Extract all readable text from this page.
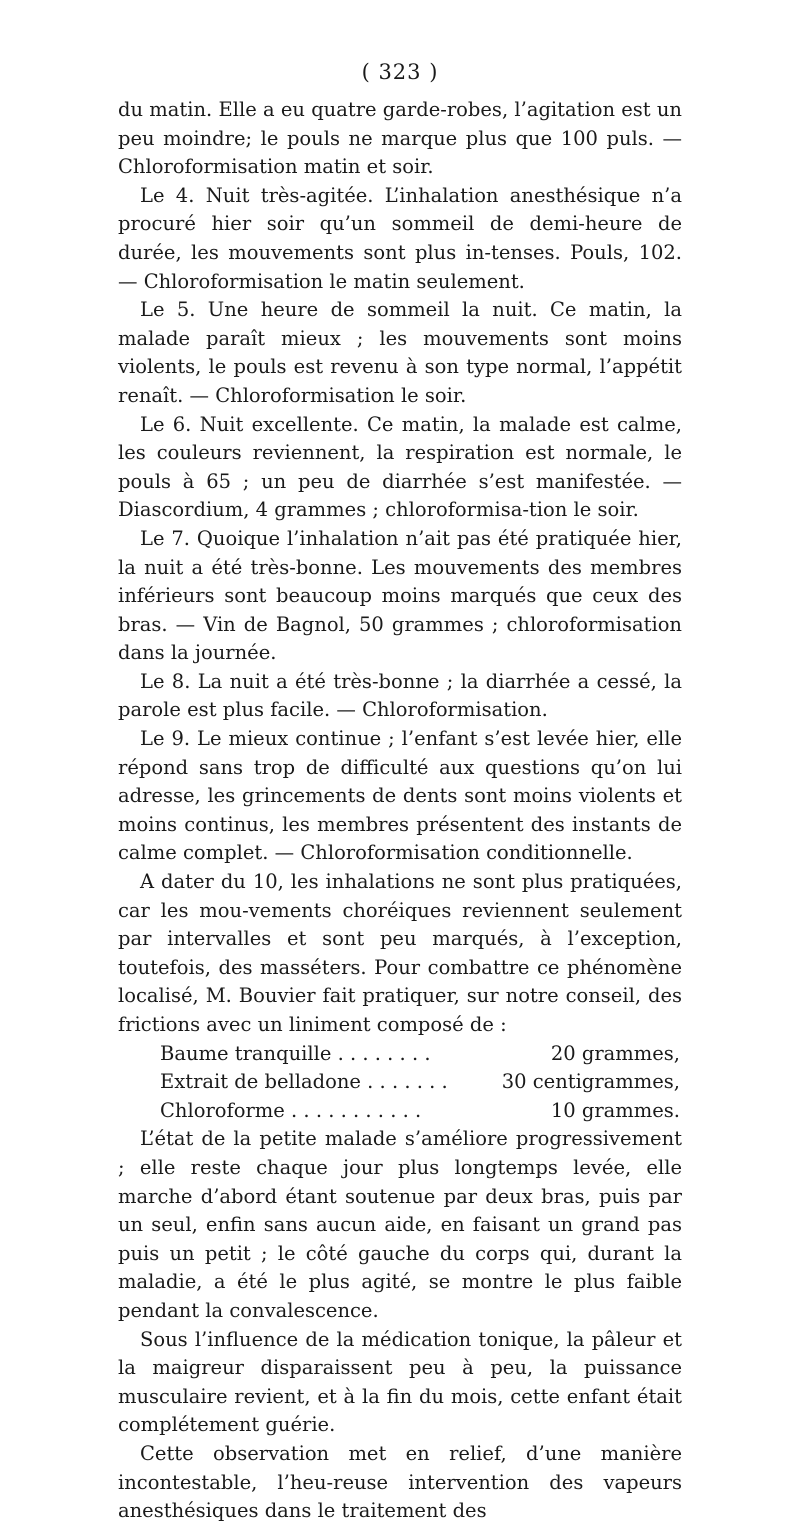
( 323 )

du matin. Elle a eu quatre garde-robes, l’agitation est un peu moindre; le pouls ne marque plus que 100 puls. — Chloroformisation matin et soir.

Le 4. Nuit très-agitée. L’inhalation anesthésique n’a procuré hier soir qu’un sommeil de demi-heure de durée, les mouvements sont plus in-tenses. Pouls, 102. — Chloroformisation le matin seulement.

Le 5. Une heure de sommeil la nuit. Ce matin, la malade paraît mieux ; les mouvements sont moins violents, le pouls est revenu à son type normal, l’appétit renaît. — Chloroformisation le soir.

Le 6. Nuit excellente. Ce matin, la malade est calme, les couleurs reviennent, la respiration est normale, le pouls à 65 ; un peu de diarrhée s’est manifestée. — Diascordium, 4 grammes ; chloroformisa-tion le soir.

Le 7. Quoique l’inhalation n’ait pas été pratiquée hier, la nuit a été très-bonne. Les mouvements des membres inférieurs sont beaucoup moins marqués que ceux des bras. — Vin de Bagnol, 50 grammes ; chloroformisation dans la journée.

Le 8. La nuit a été très-bonne ; la diarrhée a cessé, la parole est plus facile. — Chloroformisation.

Le 9. Le mieux continue ; l’enfant s’est levée hier, elle répond sans trop de difficulté aux questions qu’on lui adresse, les grincements de dents sont moins violents et moins continus, les membres présentent des instants de calme complet. — Chloroformisation conditionnelle.

A dater du 10, les inhalations ne sont plus pratiquées, car les mou-vements choréiques reviennent seulement par intervalles et sont peu marqués, à l’exception, toutefois, des masséters. Pour combattre ce phénomène localisé, M. Bouvier fait pratiquer, sur notre conseil, des frictions avec un liniment composé de :

Baume tranquille . . . . . . . .	20 grammes,
Extrait de belladone . . . . . . .	30 centigrammes,
Chloroforme . . . . . . . . . . .	10 grammes.

L’état de la petite malade s’améliore progressivement ; elle reste chaque jour plus longtemps levée, elle marche d’abord étant soutenue par deux bras, puis par un seul, enfin sans aucun aide, en faisant un grand pas puis un petit ; le côté gauche du corps qui, durant la maladie, a été le plus agité, se montre le plus faible pendant la convalescence.

Sous l’influence de la médication tonique, la pâleur et la maigreur disparaissent peu à peu, la puissance musculaire revient, et à la fin du mois, cette enfant était complétement guérie.

Cette observation met en relief, d’une manière incontestable, l’heu-reuse intervention des vapeurs anesthésiques dans le traitement des
